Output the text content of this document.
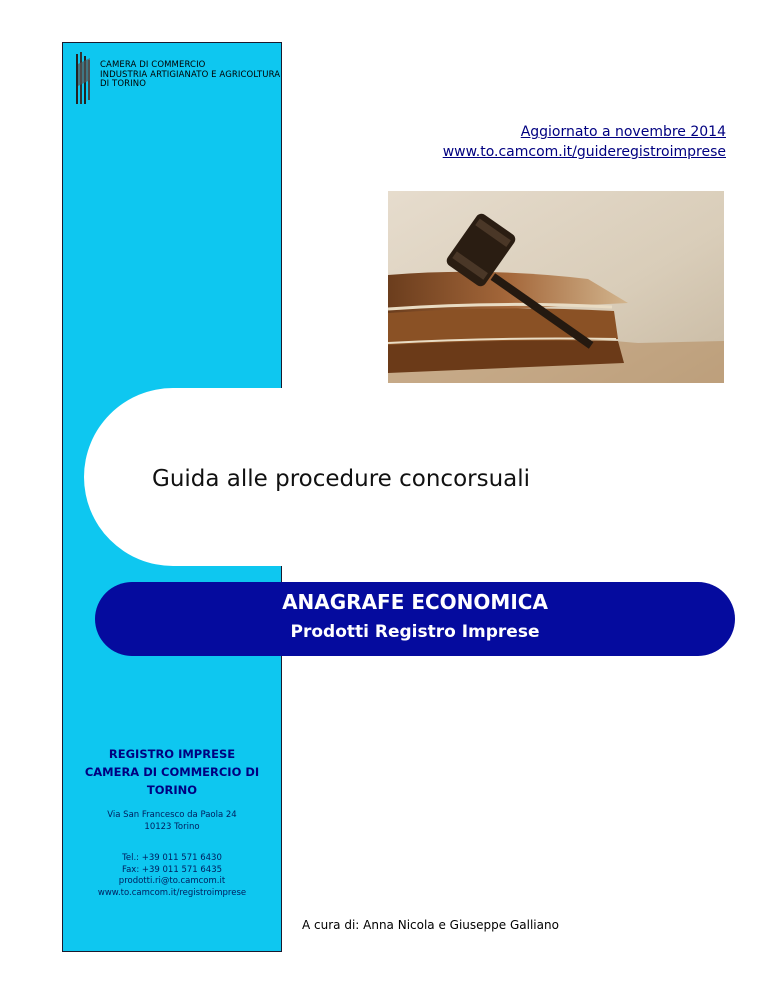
CAMERA DI COMMERCIO
INDUSTRIA ARTIGIANATO E AGRICOLTURA
DI TORINO
Aggiornato a novembre 2014
www.to.camcom.it/guideregistroimprese
Guida alle procedure concorsuali
ANAGRAFE ECONOMICA
Prodotti Registro Imprese
REGISTRO IMPRESE
CAMERA DI COMMERCIO DI
TORINO
Via San Francesco da Paola 24
10123 Torino
Tel.: +39 011 571 6430
Fax: +39 011 571 6435
prodotti.ri@to.camcom.it
www.to.camcom.it/registroimprese
A cura di: Anna Nicola e Giuseppe Galliano
